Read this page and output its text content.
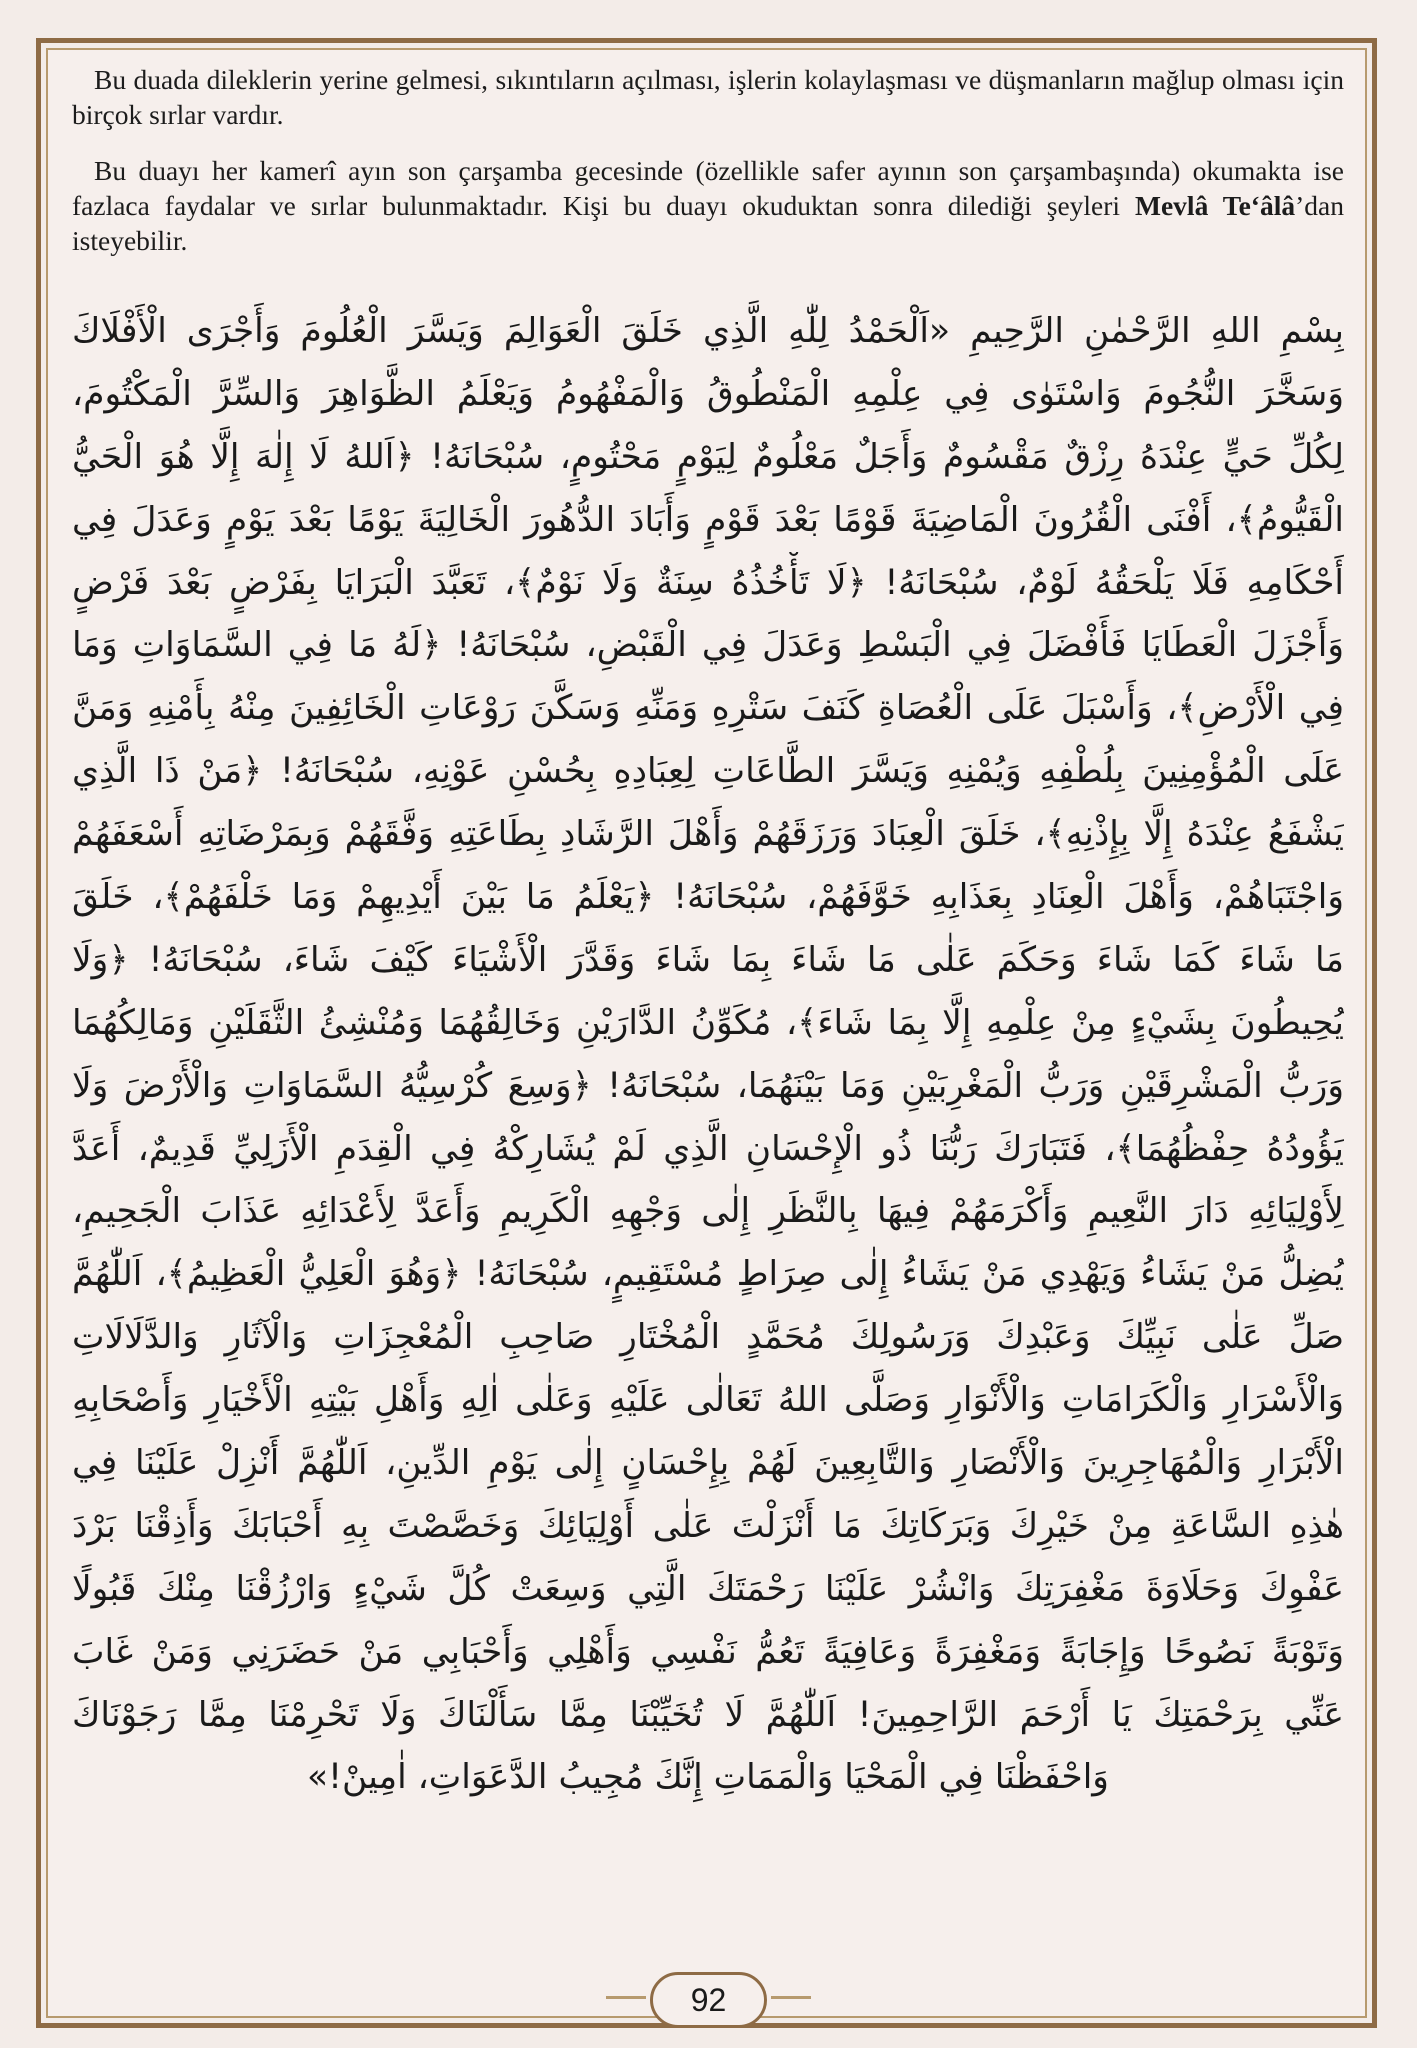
Bu duada dileklerin yerine gelmesi, sıkıntıların açılması, işlerin kolaylaşması ve düşmanların mağlup olması için birçok sırlar vardır.

Bu duayı her kamerî ayın son çarşamba gecesinde (özellikle safer ayının son çarşambaşında) okumakta ise fazlaca faydalar ve sırlar bulunmaktadır. Kişi bu duayı okuduktan sonra dilediği şeyleri Mevlâ Te‘âlâ’dan isteyebilir.

بِسْمِ اللهِ الرَّحْمٰنِ الرَّحِيمِ «اَلْحَمْدُ لِلّٰهِ الَّذِي خَلَقَ الْعَوَالِمَ وَيَسَّرَ الْعُلُومَ وَأَجْرَى الْأَفْلَاكَ
وَسَخَّرَ النُّجُومَ وَاسْتَوٰى فِي عِلْمِهِ الْمَنْطُوقُ وَالْمَفْهُومُ وَيَعْلَمُ الظَّوَاهِرَ وَالسِّرَّ الْمَكْتُومَ،
لِكُلِّ حَيٍّ عِنْدَهُ رِزْقٌ مَقْسُومٌ وَأَجَلٌ مَعْلُومٌ لِيَوْمٍ مَحْتُومٍ، سُبْحَانَهُ! ﴿اَللهُ لَا إِلٰهَ إِلَّا هُوَ الْحَيُّ
الْقَيُّومُ﴾، أَفْنَى الْقُرُونَ الْمَاضِيَةَ قَوْمًا بَعْدَ قَوْمٍ وَأَبَادَ الدُّهُورَ الْخَالِيَةَ يَوْمًا بَعْدَ يَوْمٍ وَعَدَلَ فِي
أَحْكَامِهِ فَلَا يَلْحَقُهُ لَوْمٌ، سُبْحَانَهُ! ﴿لَا تَأْخُذُهُ سِنَةٌ وَلَا نَوْمٌ﴾، تَعَبَّدَ الْبَرَايَا بِفَرْضٍ بَعْدَ فَرْضٍ
وَأَجْزَلَ الْعَطَايَا فَأَفْضَلَ فِي الْبَسْطِ وَعَدَلَ فِي الْقَبْضِ، سُبْحَانَهُ! ﴿لَهُ مَا فِي السَّمَاوَاتِ وَمَا
فِي الْأَرْضِ﴾، وَأَسْبَلَ عَلَى الْعُصَاةِ كَنَفَ سَتْرِهِ وَمَنِّهِ وَسَكَّنَ رَوْعَاتِ الْخَائِفِينَ مِنْهُ بِأَمْنِهِ وَمَنَّ
عَلَى الْمُؤْمِنِينَ بِلُطْفِهِ وَيُمْنِهِ وَيَسَّرَ الطَّاعَاتِ لِعِبَادِهِ بِحُسْنِ عَوْنِهِ، سُبْحَانَهُ! ﴿مَنْ ذَا الَّذِي
يَشْفَعُ عِنْدَهُ إِلَّا بِإِذْنِهِ﴾، خَلَقَ الْعِبَادَ وَرَزَقَهُمْ وَأَهْلَ الرَّشَادِ بِطَاعَتِهِ وَفَّقَهُمْ وَبِمَرْضَاتِهِ أَسْعَفَهُمْ
وَاجْتَبَاهُمْ، وَأَهْلَ الْعِنَادِ بِعَذَابِهِ خَوَّفَهُمْ، سُبْحَانَهُ! ﴿يَعْلَمُ مَا بَيْنَ أَيْدِيهِمْ وَمَا خَلْفَهُمْ﴾، خَلَقَ
مَا شَاءَ كَمَا شَاءَ وَحَكَمَ عَلٰى مَا شَاءَ بِمَا شَاءَ وَقَدَّرَ الْأَشْيَاءَ كَيْفَ شَاءَ، سُبْحَانَهُ! ﴿وَلَا
يُحِيطُونَ بِشَيْءٍ مِنْ عِلْمِهِ إِلَّا بِمَا شَاءَ﴾، مُكَوِّنُ الدَّارَيْنِ وَخَالِقُهُمَا وَمُنْشِئُ الثَّقَلَيْنِ وَمَالِكُهُمَا
وَرَبُّ الْمَشْرِقَيْنِ وَرَبُّ الْمَغْرِبَيْنِ وَمَا بَيْنَهُمَا، سُبْحَانَهُ! ﴿وَسِعَ كُرْسِيُّهُ السَّمَاوَاتِ وَالْأَرْضَ وَلَا
يَؤُودُهُ حِفْظُهُمَا﴾، فَتَبَارَكَ رَبُّنَا ذُو الْإِحْسَانِ الَّذِي لَمْ يُشَارِكْهُ فِي الْقِدَمِ الْأَزَلِيِّ قَدِيمٌ، أَعَدَّ
لِأَوْلِيَائِهِ دَارَ النَّعِيمِ وَأَكْرَمَهُمْ فِيهَا بِالنَّظَرِ إِلٰى وَجْهِهِ الْكَرِيمِ وَأَعَدَّ لِأَعْدَائِهِ عَذَابَ الْجَحِيمِ،
يُضِلُّ مَنْ يَشَاءُ وَيَهْدِي مَنْ يَشَاءُ إِلٰى صِرَاطٍ مُسْتَقِيمٍ، سُبْحَانَهُ! ﴿وَهُوَ الْعَلِيُّ الْعَظِيمُ﴾، اَللّٰهُمَّ
صَلِّ عَلٰى نَبِيِّكَ وَعَبْدِكَ وَرَسُولِكَ مُحَمَّدٍ الْمُخْتَارِ صَاحِبِ الْمُعْجِزَاتِ وَالْآثَارِ وَالدَّلَالَاتِ
وَالْأَسْرَارِ وَالْكَرَامَاتِ وَالْأَنْوَارِ وَصَلَّى اللهُ تَعَالٰى عَلَيْهِ وَعَلٰى اٰلِهِ وَأَهْلِ بَيْتِهِ الْأَخْيَارِ وَأَصْحَابِهِ
الْأَبْرَارِ وَالْمُهَاجِرِينَ وَالْأَنْصَارِ وَالتَّابِعِينَ لَهُمْ بِإِحْسَانٍ إِلٰى يَوْمِ الدِّينِ، اَللّٰهُمَّ أَنْزِلْ عَلَيْنَا فِي
هٰذِهِ السَّاعَةِ مِنْ خَيْرِكَ وَبَرَكَاتِكَ مَا أَنْزَلْتَ عَلٰى أَوْلِيَائِكَ وَخَصَّصْتَ بِهِ أَحْبَابَكَ وَأَذِقْنَا بَرْدَ
عَفْوِكَ وَحَلَاوَةَ مَغْفِرَتِكَ وَانْشُرْ عَلَيْنَا رَحْمَتَكَ الَّتِي وَسِعَتْ كُلَّ شَيْءٍ وَارْزُقْنَا مِنْكَ قَبُولًا
وَتَوْبَةً نَصُوحًا وَإِجَابَةً وَمَغْفِرَةً وَعَافِيَةً تَعُمُّ نَفْسِي وَأَهْلِي وَأَحْبَابِي مَنْ حَضَرَنِي وَمَنْ غَابَ
عَنِّي بِرَحْمَتِكَ يَا أَرْحَمَ الرَّاحِمِينَ! اَللّٰهُمَّ لَا تُخَيِّبْنَا مِمَّا سَأَلْنَاكَ وَلَا تَحْرِمْنَا مِمَّا رَجَوْنَاكَ
وَاحْفَظْنَا فِي الْمَحْيَا وَالْمَمَاتِ إِنَّكَ مُجِيبُ الدَّعَوَاتِ، اٰمِينْ!»
92
